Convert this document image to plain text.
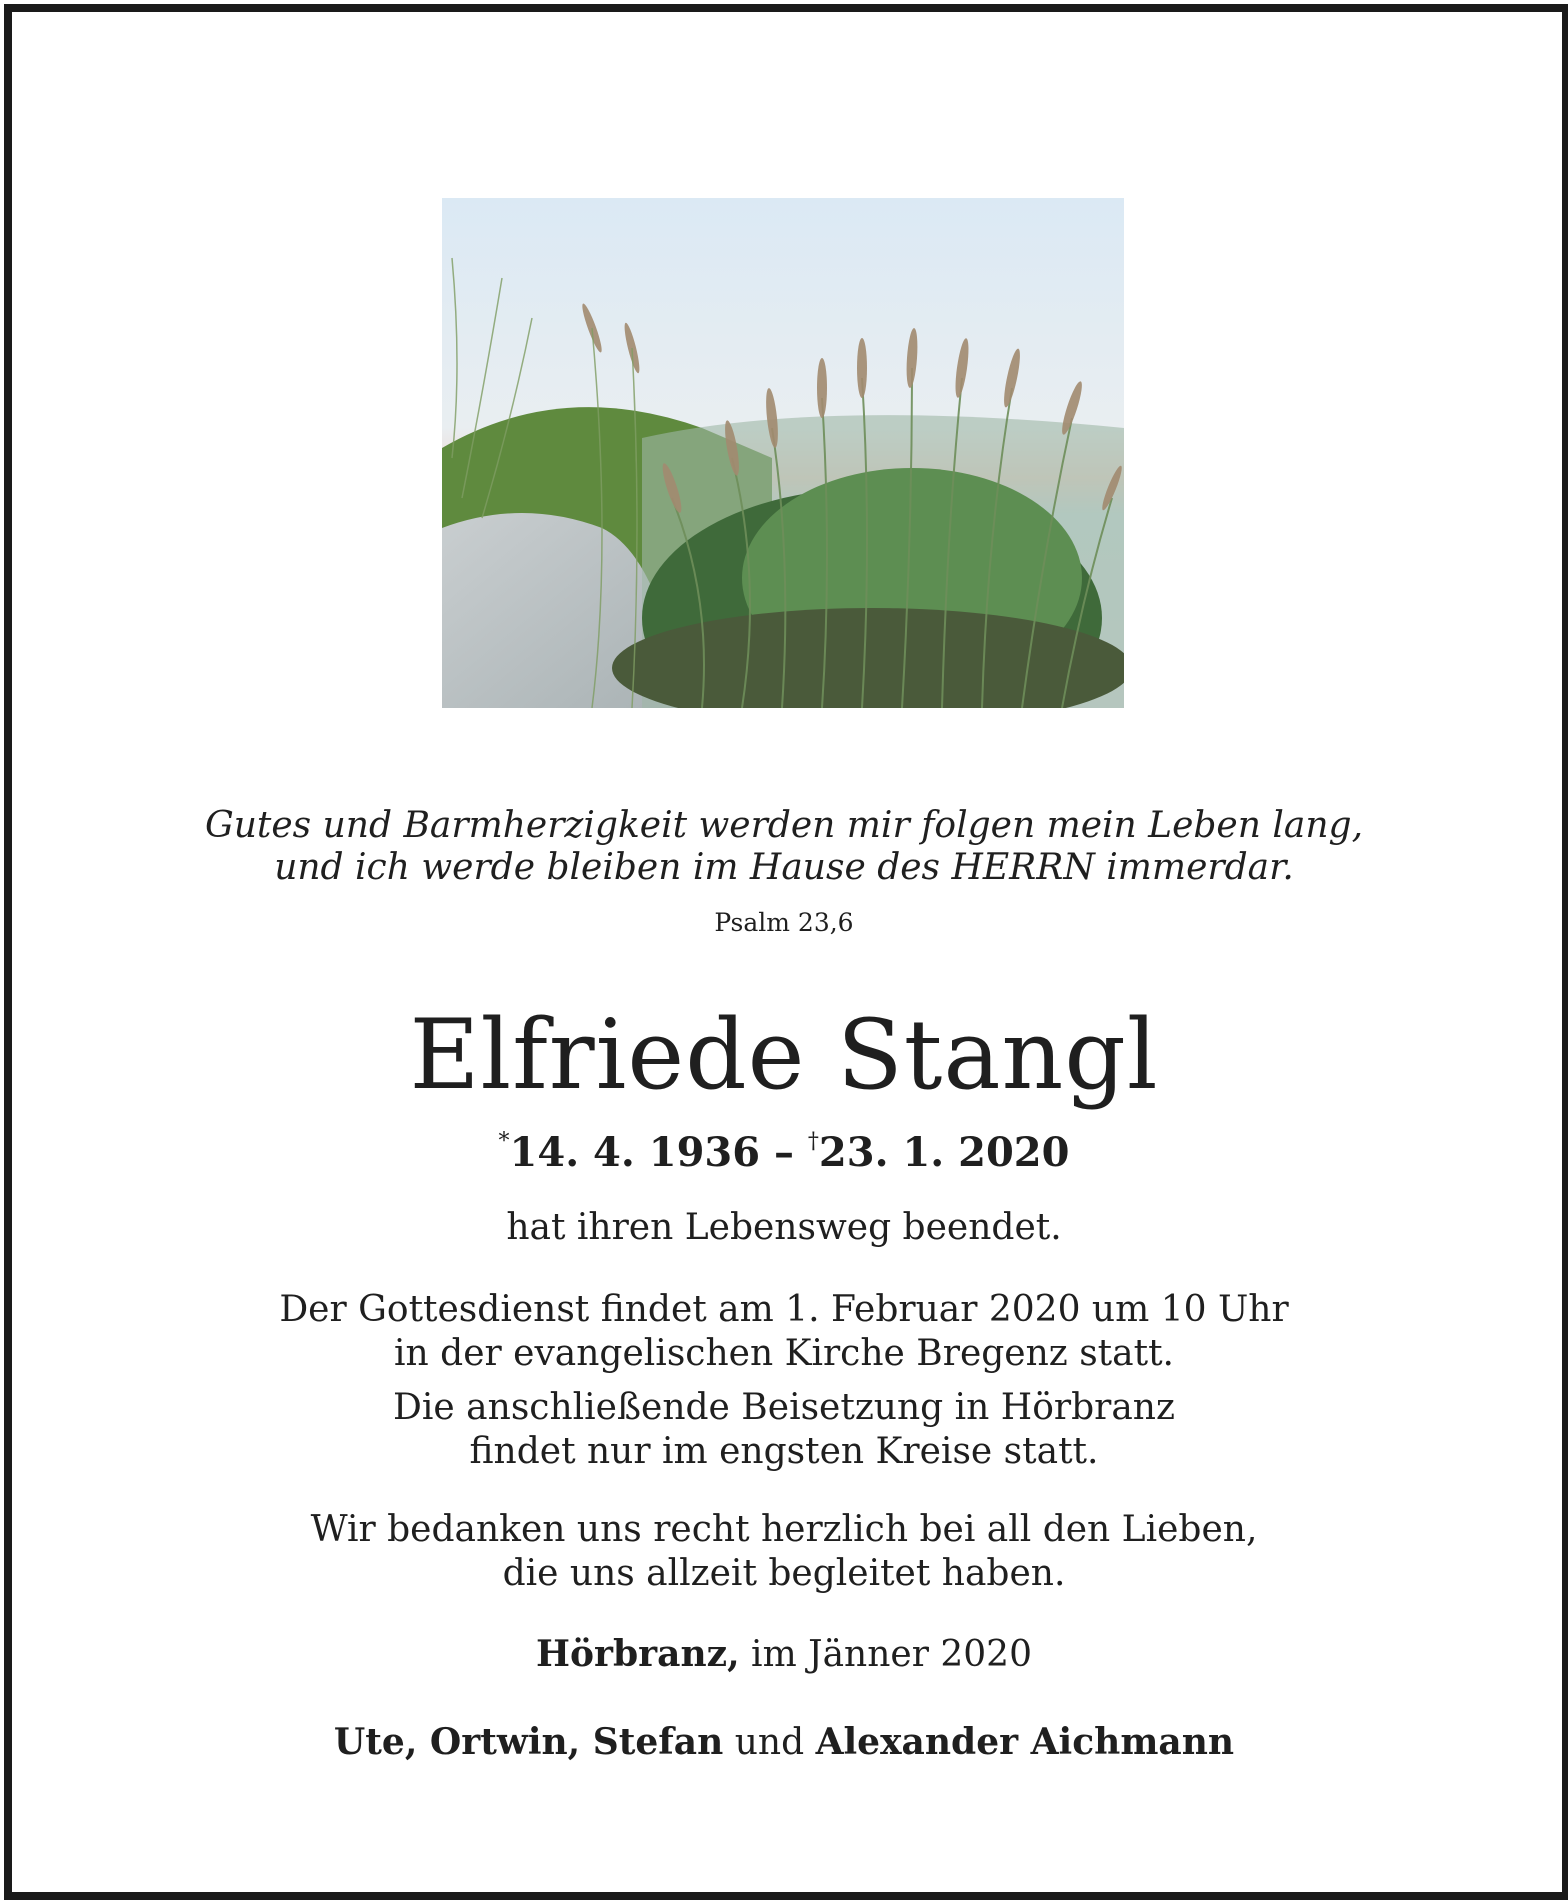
Gutes und Barmherzigkeit werden mir folgen mein Leben lang,
und ich werde bleiben im Hause des HERRN immerdar.
Psalm 23,6
Elfriede Stangl
*14. 4. 1936 – †23. 1. 2020
hat ihren Lebensweg beendet.
Der Gottesdienst findet am 1. Februar 2020 um 10 Uhr
in der evangelischen Kirche Bregenz statt.
Die anschließende Beisetzung in Hörbranz
findet nur im engsten Kreise statt.
Wir bedanken uns recht herzlich bei all den Lieben,
die uns allzeit begleitet haben.
Hörbranz, im Jänner 2020
Ute, Ortwin, Stefan und Alexander Aichmann
